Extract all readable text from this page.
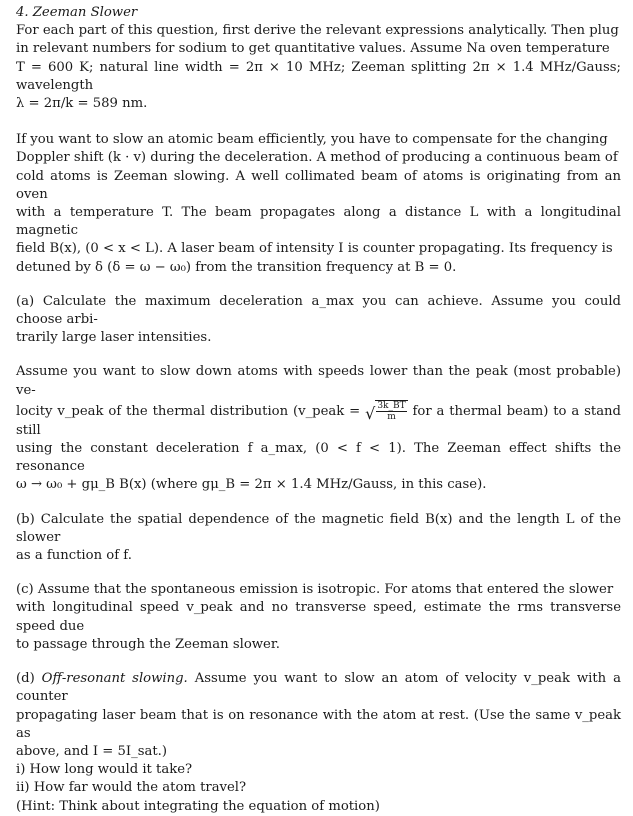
4. Zeeman Slower

For each part of this question, first derive the relevant expressions analytically. Then plug

in relevant numbers for sodium to get quantitative values. Assume Na oven temperature

T = 600 K; natural line width = 2π × 10 MHz; Zeeman splitting 2π × 1.4 MHz/Gauss; wavelength

λ = 2π/k = 589 nm.

If you want to slow an atomic beam efficiently, you have to compensate for the changing

Doppler shift (k · v) during the deceleration. A method of producing a continuous beam of

cold atoms is Zeeman slowing. A well collimated beam of atoms is originating from an oven

with a temperature T. The beam propagates along a distance L with a longitudinal magnetic

field B(x), (0 < x < L). A laser beam of intensity I is counter propagating. Its frequency is

detuned by δ (δ = ω − ω₀) from the transition frequency at B = 0.

(a) Calculate the maximum deceleration a_max you can achieve. Assume you could choose arbi-

trarily large laser intensities.

Assume you want to slow down atoms with speeds lower than the peak (most probable) ve-

locity v_peak of the thermal distribution (v_peak = √ $\frac{3k\_BT}{m}$ for a thermal beam) to a stand still

using the constant deceleration f a_max, (0 < f < 1). The Zeeman effect shifts the resonance

ω → ω₀ + gμ_B B(x) (where gμ_B = 2π × 1.4 MHz/Gauss, in this case).

(b) Calculate the spatial dependence of the magnetic field B(x) and the length L of the slower

as a function of f.

(c) Assume that the spontaneous emission is isotropic. For atoms that entered the slower

with longitudinal speed v_peak and no transverse speed, estimate the rms transverse speed due

to passage through the Zeeman slower.

(d) Off-resonant slowing. Assume you want to slow an atom of velocity v_peak with a counter

propagating laser beam that is on resonance with the atom at rest. (Use the same v_peak as

above, and I = 5I_sat.)

i) How long would it take?

ii) How far would the atom travel?

(Hint: Think about integrating the equation of motion)
